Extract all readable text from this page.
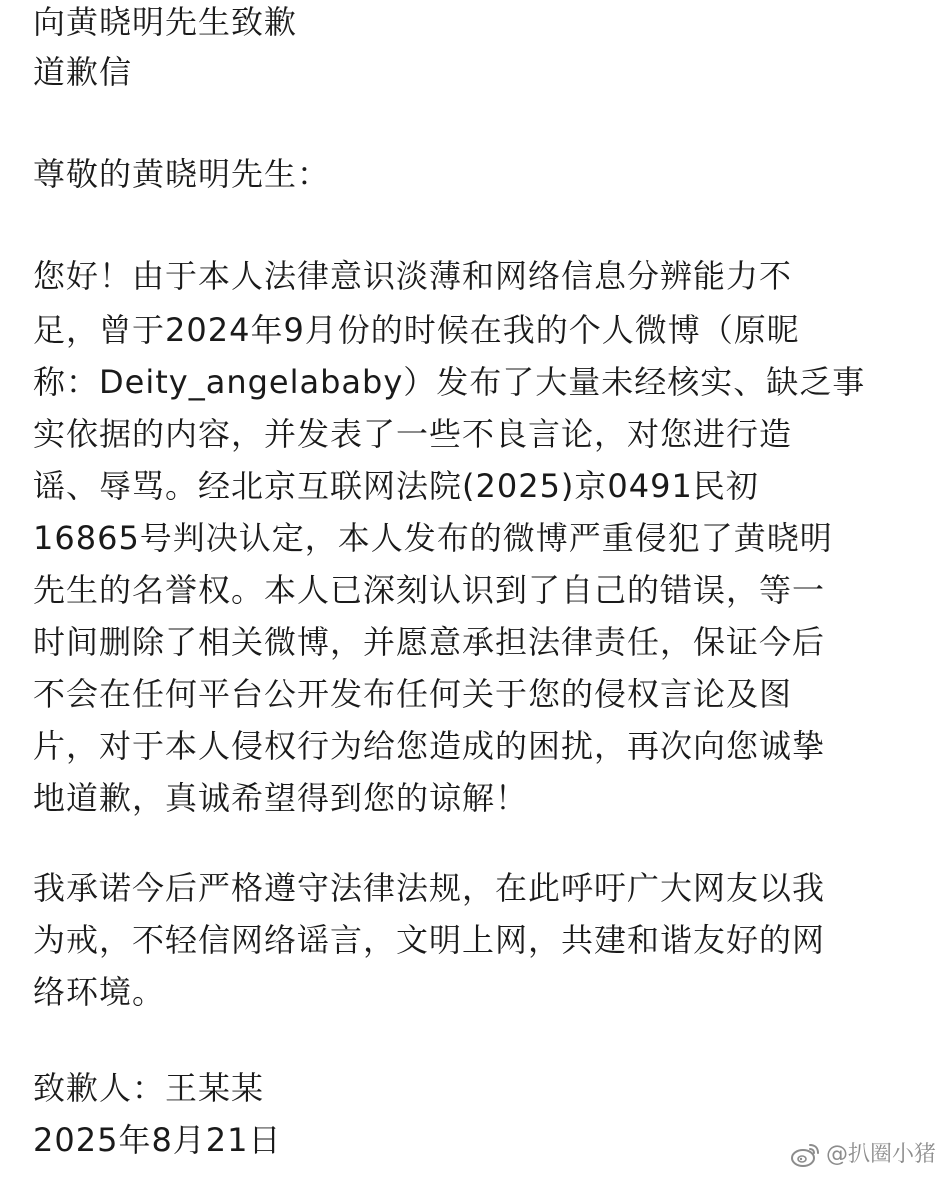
向黄晓明先生致歉
道歉信
尊敬的黄晓明先生：
您好！由于本人法律意识淡薄和网络信息分辨能力不
足，曾于2024年9月份的时候在我的个人微博（原昵
称：Deity_angelababy）发布了大量未经核实、缺乏事
实依据的内容，并发表了一些不良言论，对您进行造
谣、辱骂。经北京互联网法院(2025)京0491民初
16865号判决认定，本人发布的微博严重侵犯了黄晓明
先生的名誉权。本人已深刻认识到了自己的错误，等一
时间删除了相关微博，并愿意承担法律责任，保证今后
不会在任何平台公开发布任何关于您的侵权言论及图
片，对于本人侵权行为给您造成的困扰，再次向您诚挚
地道歉，真诚希望得到您的谅解！
我承诺今后严格遵守法律法规，在此呼吁广大网友以我
为戒，不轻信网络谣言，文明上网，共建和谐友好的网
络环境。
致歉人：王某某
2025年8月21日	@扒圈小猪
